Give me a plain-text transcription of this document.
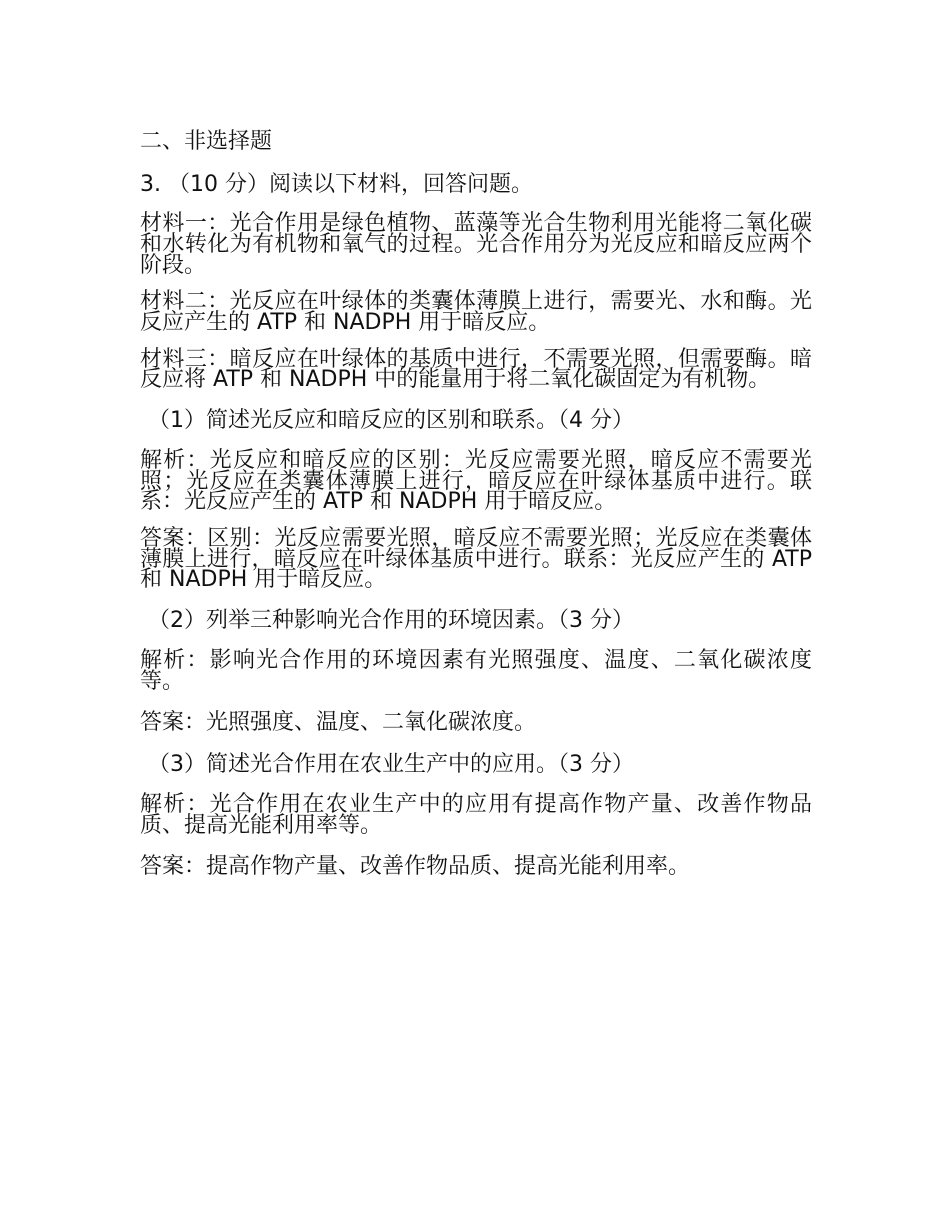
二、非选择题

3. （10 分）阅读以下材料，回答问题。

材料一：光合作用是绿色植物、蓝藻等光合生物利用光能将二氧化碳和水转化为有机物和氧气的过程。光合作用分为光反应和暗反应两个阶段。

材料二：光反应在叶绿体的类囊体薄膜上进行，需要光、水和酶。光反应产生的 ATP 和 NADPH 用于暗反应。

材料三：暗反应在叶绿体的基质中进行，不需要光照，但需要酶。暗反应将 ATP 和 NADPH 中的能量用于将二氧化碳固定为有机物。

（1）简述光反应和暗反应的区别和联系。（4 分）

解析：光反应和暗反应的区别：光反应需要光照，暗反应不需要光照；光反应在类囊体薄膜上进行，暗反应在叶绿体基质中进行。联系：光反应产生的 ATP 和 NADPH 用于暗反应。

答案：区别：光反应需要光照，暗反应不需要光照；光反应在类囊体薄膜上进行，暗反应在叶绿体基质中进行。联系：光反应产生的 ATP 和 NADPH 用于暗反应。

（2）列举三种影响光合作用的环境因素。（3 分）

解析：影响光合作用的环境因素有光照强度、温度、二氧化碳浓度等。

答案：光照强度、温度、二氧化碳浓度。

（3）简述光合作用在农业生产中的应用。（3 分）

解析：光合作用在农业生产中的应用有提高作物产量、改善作物品质、提高光能利用率等。

答案：提高作物产量、改善作物品质、提高光能利用率。
